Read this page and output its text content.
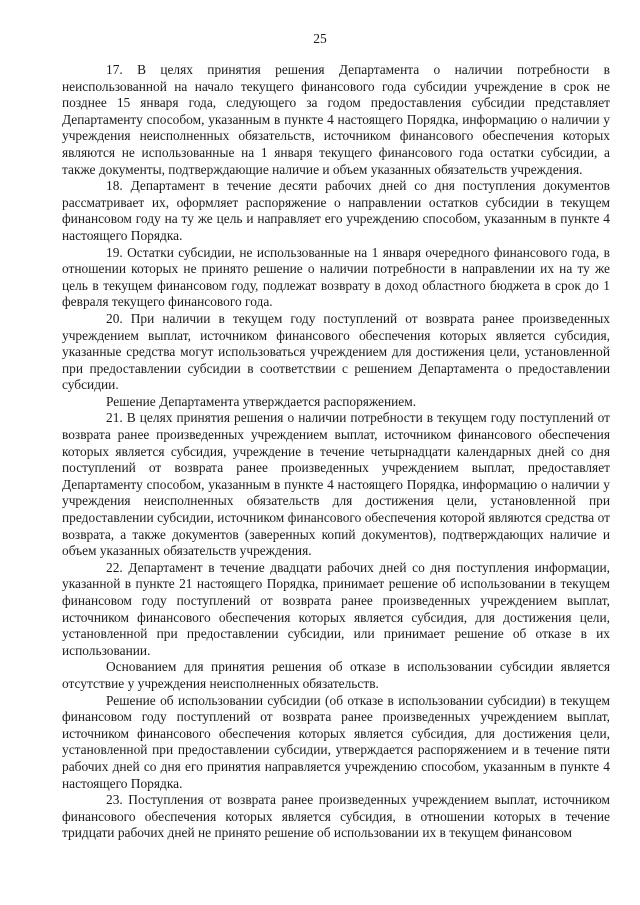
25

17. В целях принятия решения Департамента о наличии потребности в неиспользованной на начало текущего финансового года субсидии учреждение в срок не позднее 15 января года, следующего за годом предоставления субсидии представляет Департаменту способом, указанным в пункте 4 настоящего Порядка, информацию о наличии у учреждения неисполненных обязательств, источником финансового обеспечения которых являются не использованные на 1 января текущего финансового года остатки субсидии, а также документы, подтверждающие наличие и объем указанных обязательств учреждения.

18. Департамент в течение десяти рабочих дней со дня поступления документов рассматривает их, оформляет распоряжение о направлении остатков субсидии в текущем финансовом году на ту же цель и направляет его учреждению способом, указанным в пункте 4 настоящего Порядка.

19. Остатки субсидии, не использованные на 1 января очередного финансового года, в отношении которых не принято решение о наличии потребности в направлении их на ту же цель в текущем финансовом году, подлежат возврату в доход областного бюджета в срок до 1 февраля текущего финансового года.

20. При наличии в текущем году поступлений от возврата ранее произведенных учреждением выплат, источником финансового обеспечения которых является субсидия, указанные средства могут использоваться учреждением для достижения цели, установленной при предоставлении субсидии в соответствии с решением Департамента о предоставлении субсидии.

Решение Департамента утверждается распоряжением.

21. В целях принятия решения о наличии потребности в текущем году поступлений от возврата ранее произведенных учреждением выплат, источником финансового обеспечения которых является субсидия, учреждение в течение четырнадцати календарных дней со дня поступлений от возврата ранее произведенных учреждением выплат, предоставляет Департаменту способом, указанным в пункте 4 настоящего Порядка, информацию о наличии у учреждения неисполненных обязательств для достижения цели, установленной при предоставлении субсидии, источником финансового обеспечения которой являются средства от возврата, а также документов (заверенных копий документов), подтверждающих наличие и объем указанных обязательств учреждения.

22. Департамент в течение двадцати рабочих дней со дня поступления информации, указанной в пункте 21 настоящего Порядка, принимает решение об использовании в текущем финансовом году поступлений от возврата ранее произведенных учреждением выплат, источником финансового обеспечения которых является субсидия, для достижения цели, установленной при предоставлении субсидии, или принимает решение об отказе в их использовании.

Основанием для принятия решения об отказе в использовании субсидии является отсутствие у учреждения неисполненных обязательств.

Решение об использовании субсидии (об отказе в использовании субсидии) в текущем финансовом году поступлений от возврата ранее произведенных учреждением выплат, источником финансового обеспечения которых является субсидия, для достижения цели, установленной при предоставлении субсидии, утверждается распоряжением и в течение пяти рабочих дней со дня его принятия направляется учреждению способом, указанным в пункте 4 настоящего Порядка.

23. Поступления от возврата ранее произведенных учреждением выплат, источником финансового обеспечения которых является субсидия, в отношении которых в течение тридцати рабочих дней не принято решение об использовании их в текущем финансовом
